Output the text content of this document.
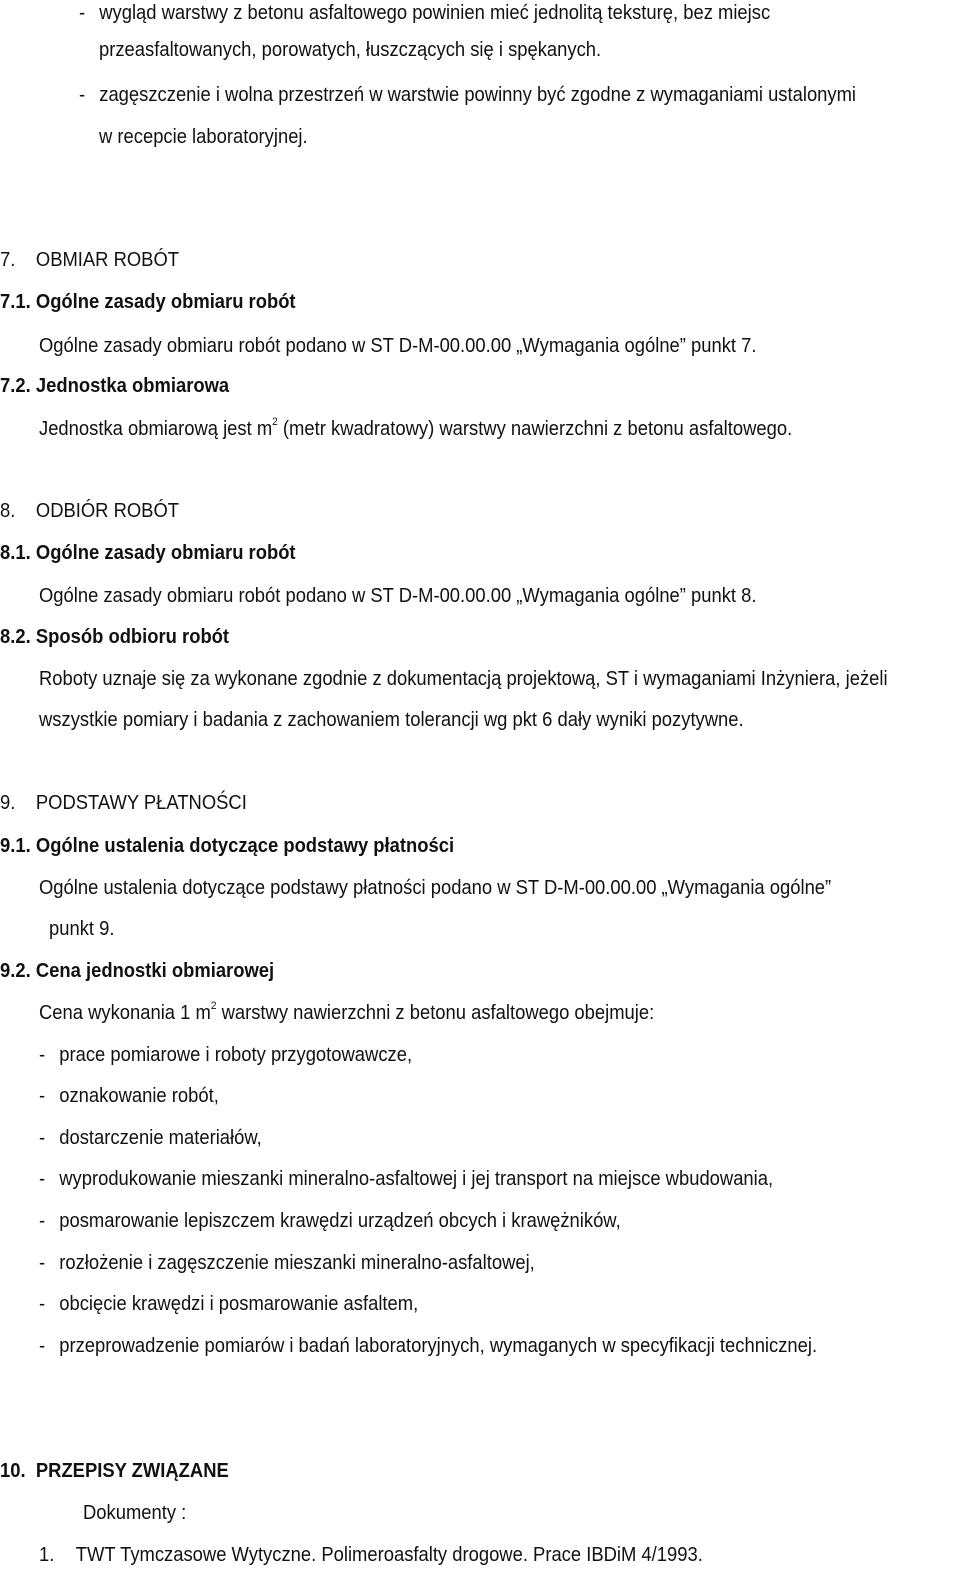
- wygląd warstwy z betonu asfaltowego powinien mieć jednolitą teksturę, bez miejsc
przeasfaltowanych, porowatych, łuszczących się i spękanych.
- zagęszczenie i wolna przestrzeń w warstwie powinny być zgodne z wymaganiami ustalonymi
w recepcie laboratoryjnej.
7. OBMIAR ROBÓT
7.1. Ogólne zasady obmiaru robót
Ogólne zasady obmiaru robót podano w ST D-M-00.00.00 „Wymagania ogólne” punkt 7.
7.2. Jednostka obmiarowa
Jednostka obmiarową jest $m^2$ (metr kwadratowy) warstwy nawierzchni z betonu asfaltowego.
8. ODBIÓR ROBÓT
8.1. Ogólne zasady obmiaru robót
Ogólne zasady obmiaru robót podano w ST D-M-00.00.00 „Wymagania ogólne” punkt 8.
8.2. Sposób odbioru robót
Roboty uznaje się za wykonane zgodnie z dokumentacją projektową, ST i wymaganiami Inżyniera, jeżeli
wszystkie pomiary i badania z zachowaniem tolerancji wg pkt 6 dały wyniki pozytywne.
9. PODSTAWY PŁATNOŚCI
9.1. Ogólne ustalenia dotyczące podstawy płatności
Ogólne ustalenia dotyczące podstawy płatności podano w ST D-M-00.00.00 „Wymagania ogólne”
punkt 9.
9.2. Cena jednostki obmiarowej
Cena wykonania 1 $m^2$ warstwy nawierzchni z betonu asfaltowego obejmuje:
- prace pomiarowe i roboty przygotowawcze,
- oznakowanie robót,
- dostarczenie materiałów,
- wyprodukowanie mieszanki mineralno-asfaltowej i jej transport na miejsce wbudowania,
- posmarowanie lepiszczem krawędzi urządzeń obcych i krawężników,
- rozłożenie i zagęszczenie mieszanki mineralno-asfaltowej,
- obcięcie krawędzi i posmarowanie asfaltem,
- przeprowadzenie pomiarów i badań laboratoryjnych, wymaganych w specyfikacji technicznej.
10. PRZEPISY ZWIĄZANE
Dokumenty :
1. TWT Tymczasowe Wytyczne. Polimeroasfalty drogowe. Prace IBDiM 4/1993.
